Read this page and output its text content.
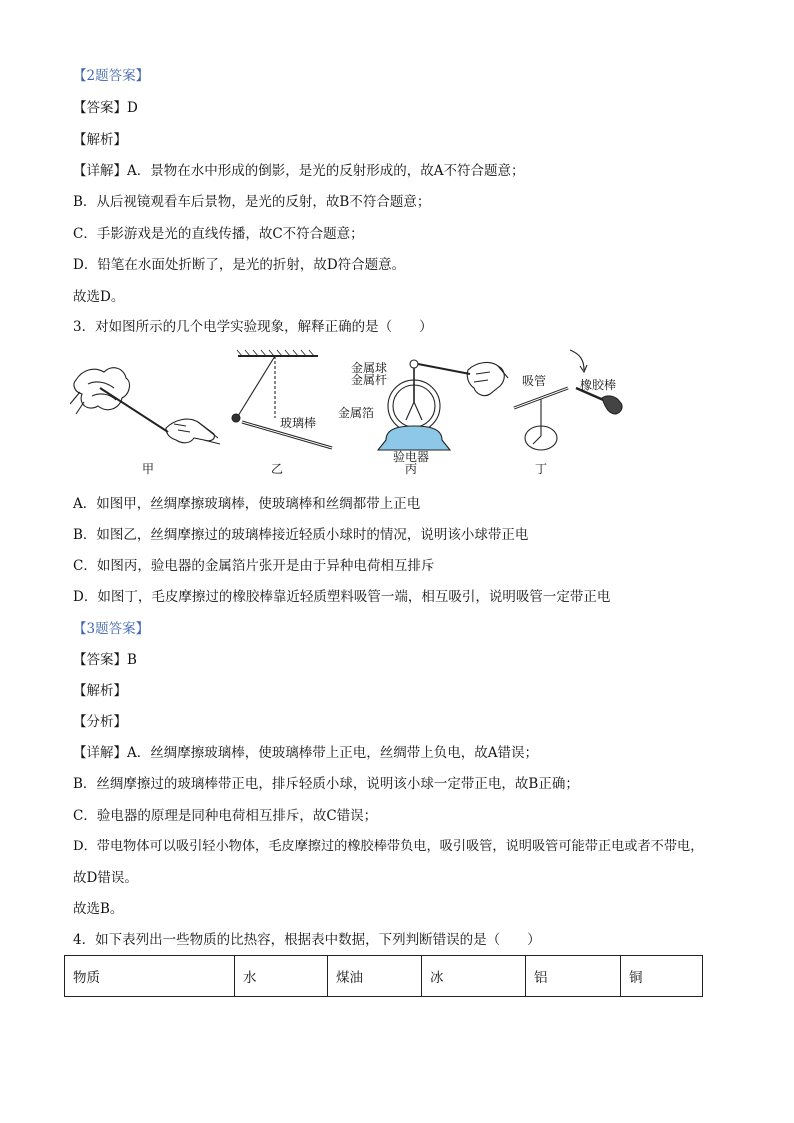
【2题答案】
【答案】D
【解析】
【详解】A．景物在水中形成的倒影，是光的反射形成的，故A不符合题意；
B．从后视镜观看车后景物，是光的反射，故B不符合题意；
C．手影游戏是光的直线传播，故C不符合题意；
D．铅笔在水面处折断了，是光的折射，故D符合题意。
故选D。
3．对如图所示的几个电学实验现象，解释正确的是（　　）
玻璃棒
金属球
金属杆
金属箔
验电器
吸管	橡胶棒
甲	乙	丙	丁
A．如图甲，丝绸摩擦玻璃棒，使玻璃棒和丝绸都带上正电
B．如图乙，丝绸摩擦过的玻璃棒接近轻质小球时的情况，说明该小球带正电
C．如图丙，验电器的金属箔片张开是由于异种电荷相互排斥
D．如图丁，毛皮摩擦过的橡胶棒靠近轻质塑料吸管一端，相互吸引，说明吸管一定带正电
【3题答案】
【答案】B
【解析】
【分析】
【详解】A．丝绸摩擦玻璃棒，使玻璃棒带上正电，丝绸带上负电，故A错误；
B．丝绸摩擦过的玻璃棒带正电，排斥轻质小球，说明该小球一定带正电，故B正确；
C．验电器的原理是同种电荷相互排斥，故C错误；
D．带电物体可以吸引轻小物体，毛皮摩擦过的橡胶棒带负电，吸引吸管，说明吸管可能带正电或者不带电，
故D错误。
故选B。
4．如下表列出一些物质的比热容，根据表中数据，下列判断错误的是（　　）
物质	水	煤油	冰	铝	铜
